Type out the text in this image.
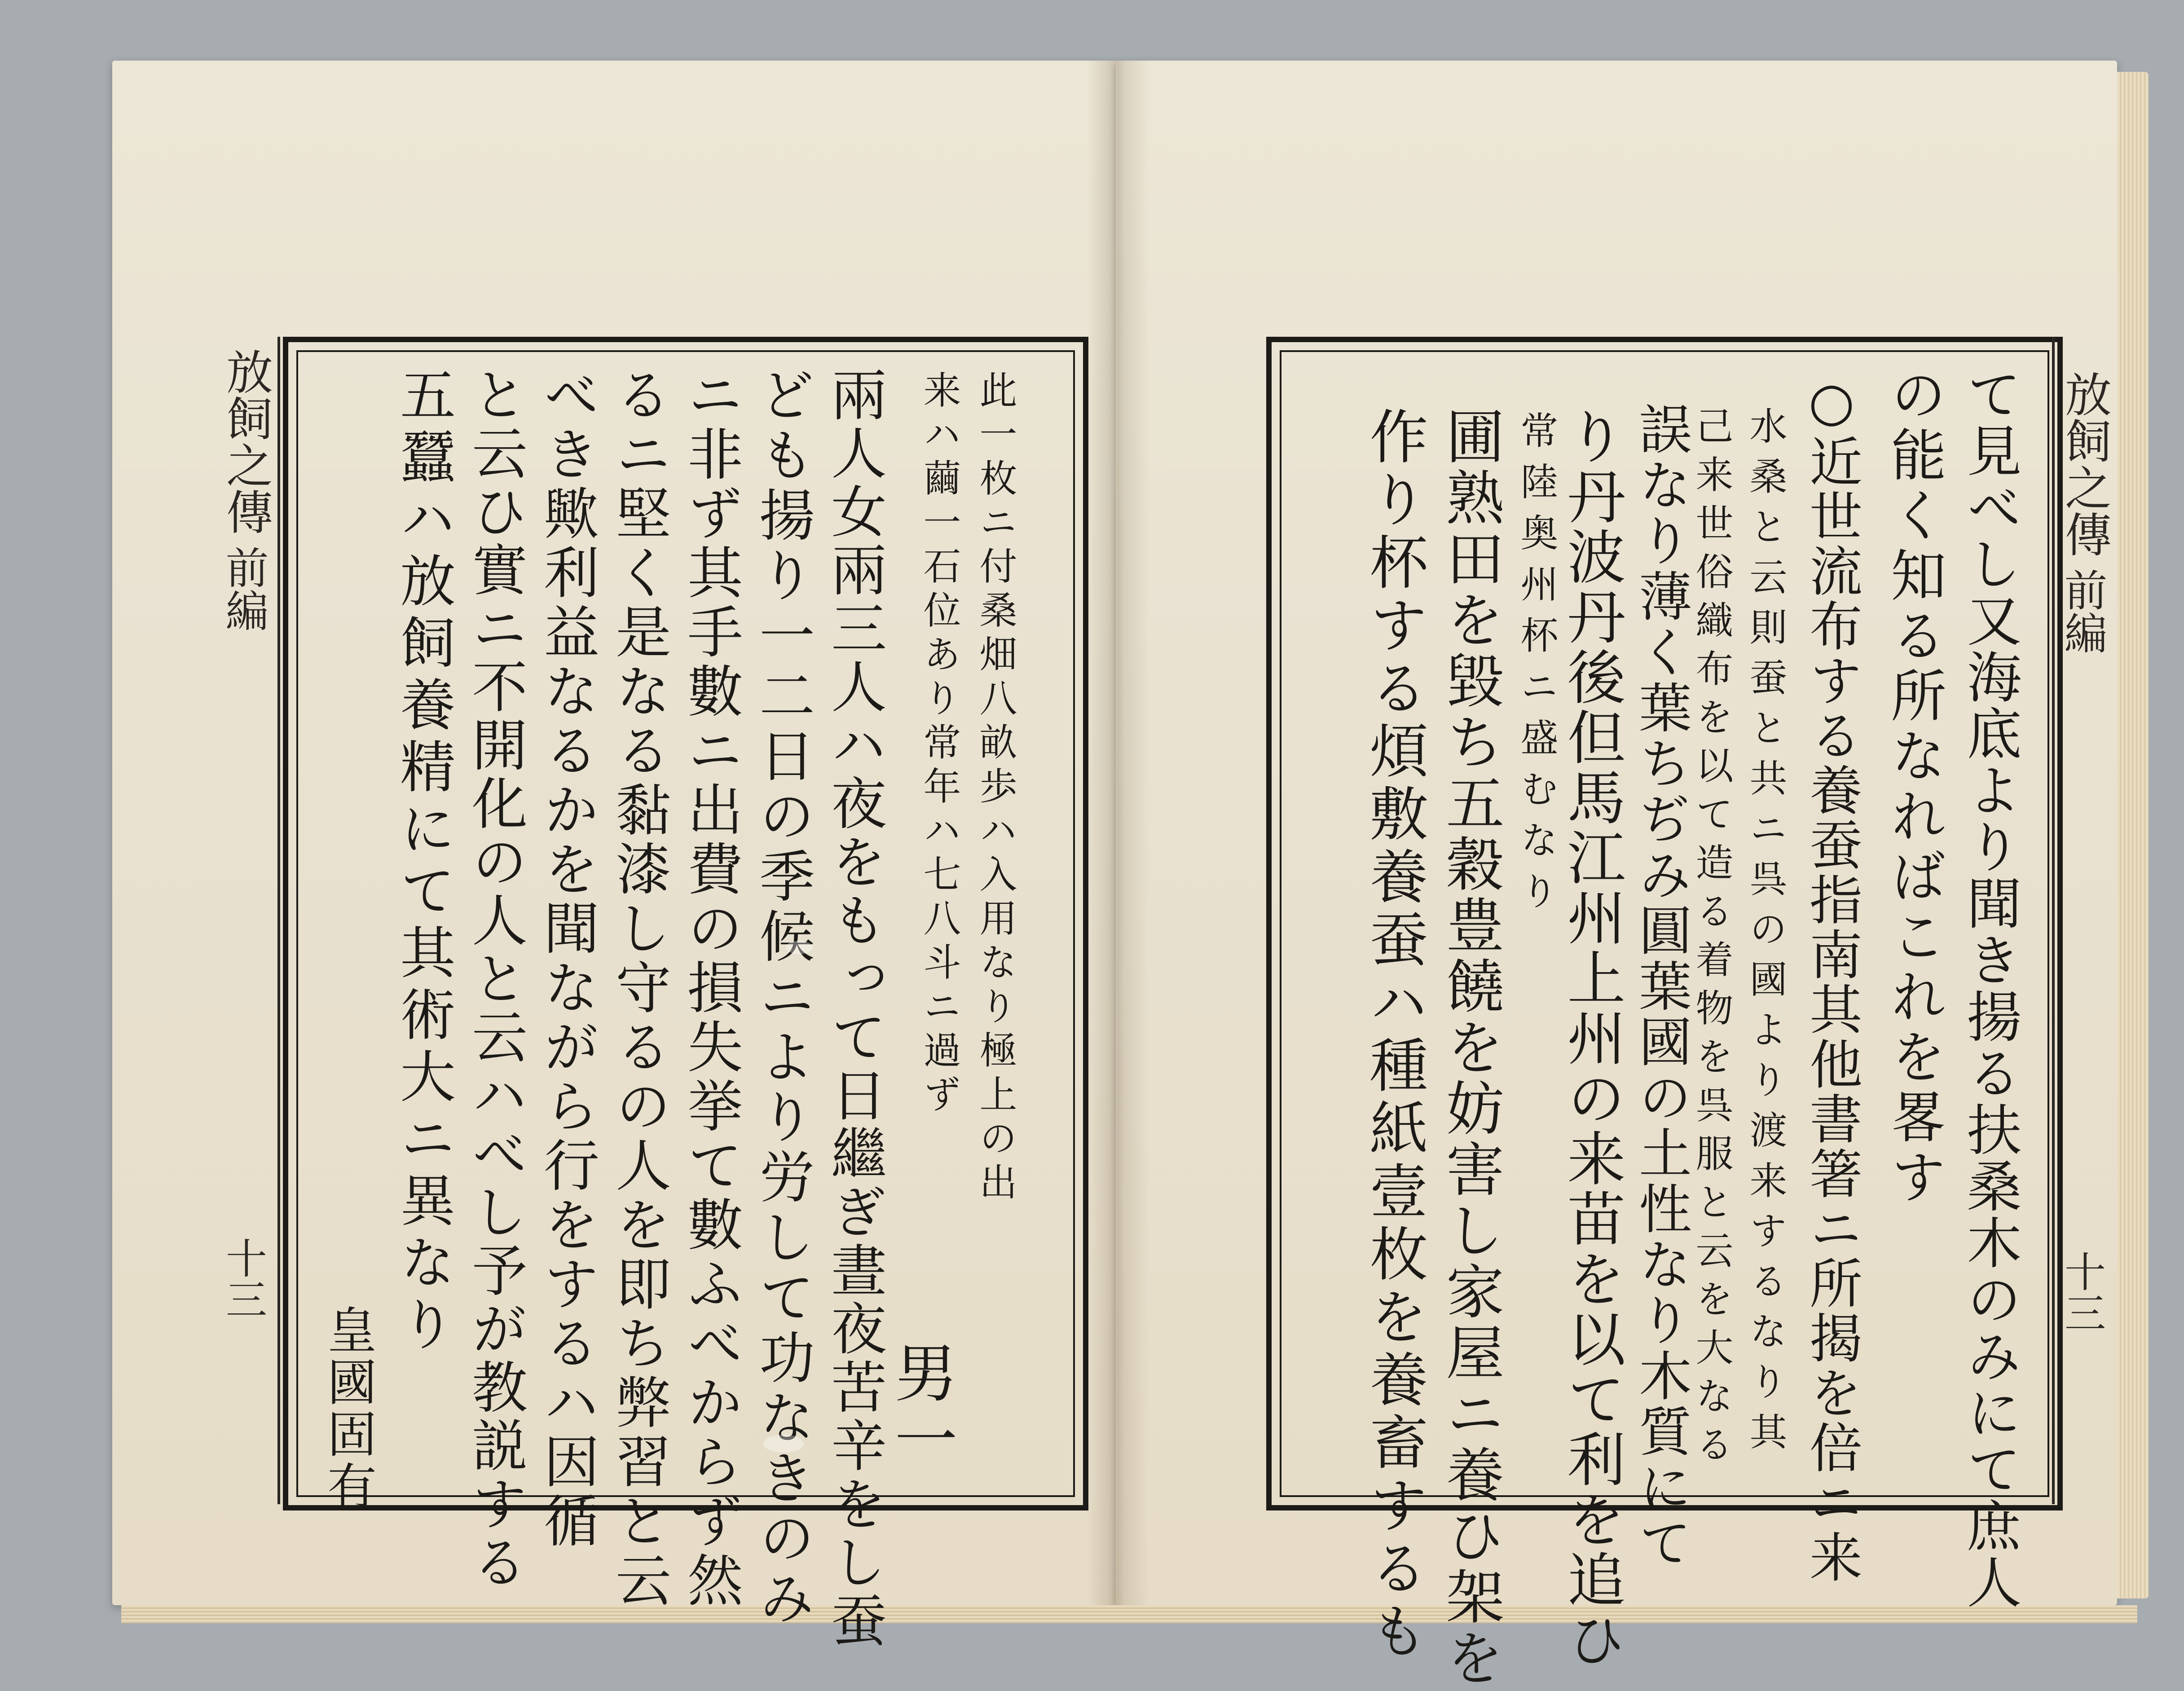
放飼之傳
前編
十三
此一枚ニ付桑畑八畝歩ハ入用なり極上の出
来ハ繭一石位あり常年ハ七八斗ニ過ず
兩人女兩三人ハ夜をもって日繼ぎ晝夜苦辛をし蚕
ども揚り一二日の季候ニより労して功なきのみ
ニ非ず其手數ニ出費の損失挙て數ふべからず然
るニ堅く是なる黏漆し守るの人を即ち弊習と云
べき歟利益なるかを聞ながら行をするハ因循
と云ひ實ニ不開化の人と云ハべし予が教説する
五蠶ハ放飼養精にて其術大ニ異なり
皇國固有	男一
放飼之傳
前編
十三
て見べし又海底より聞き揚る扶桑木のみにて庶人
の能く知る所なればこれを畧す
○近世流布する養蚕指南其他書箸ニ所揭を倍ニ来
水桑と云則蚕と共ニ呉の國より渡来するなり其
己来世俗織布を以て造る着物を呉服と云を大なる
誤なり薄く葉ちぢみ圓葉國の土性なり木質にて
り丹波丹後但馬江州上州の来苗を以て利を追ひ
常陸奥州杯ニ盛むなり
圃熟田を毀ち五穀豊饒を妨害し家屋ニ養ひ架を
作り杯する煩敷養蚕ハ種紙壹枚を養畜するも
